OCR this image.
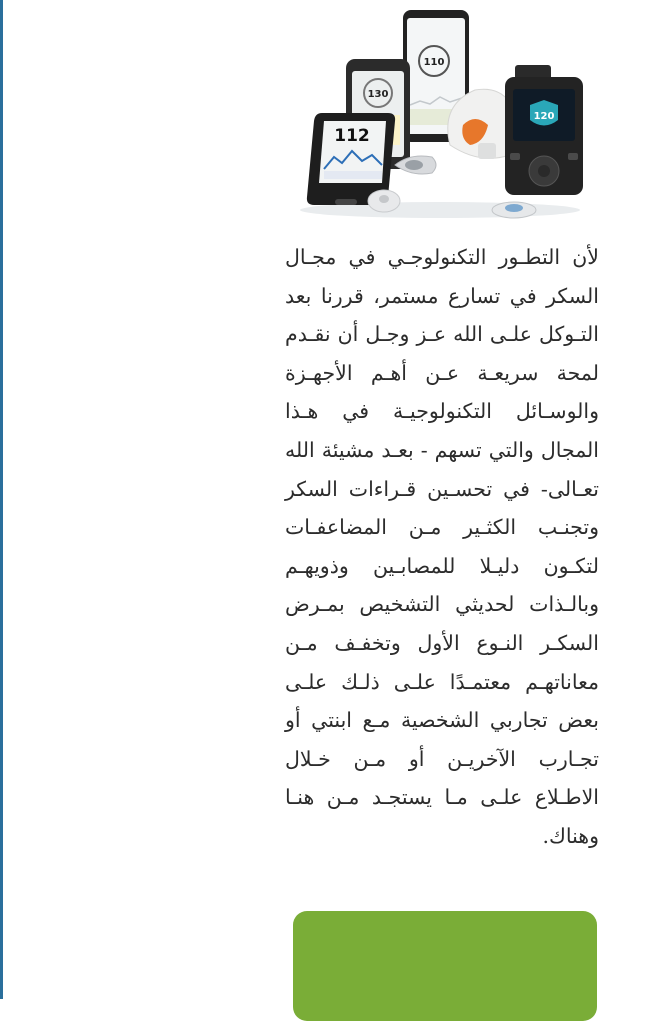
110
130
112
120
لأن التطـور التكنولوجـي في مجـال
السكر في تسارع مستمر، قررنا بعد
التـوكل علـى الله عـز وجـل أن نقـدم
لمحة سريعـة عـن أهـم الأجهـزة
والوسـائل التكنولوجيـة في هـذا
المجال والتي تسهم - بعـد مشيئة الله
تعـالى- في تحسـين قـراءات السكر
وتجنـب الكثـير مـن المضاعفـات
لتكـون دليـلا للمصابـين وذويهـم
وبالـذات لحديثي التشخيص بمـرض
السكـر النـوع الأول وتخفـف مـن
معاناتهـم معتمـدًا علـى ذلـك علـى
بعض تجاربي الشخصية مـع ابنتي أو
تجـارب الآخريـن أو مـن خـلال
الاطـلاع علـى مـا يستجـد مـن هنـا
وهناك.
